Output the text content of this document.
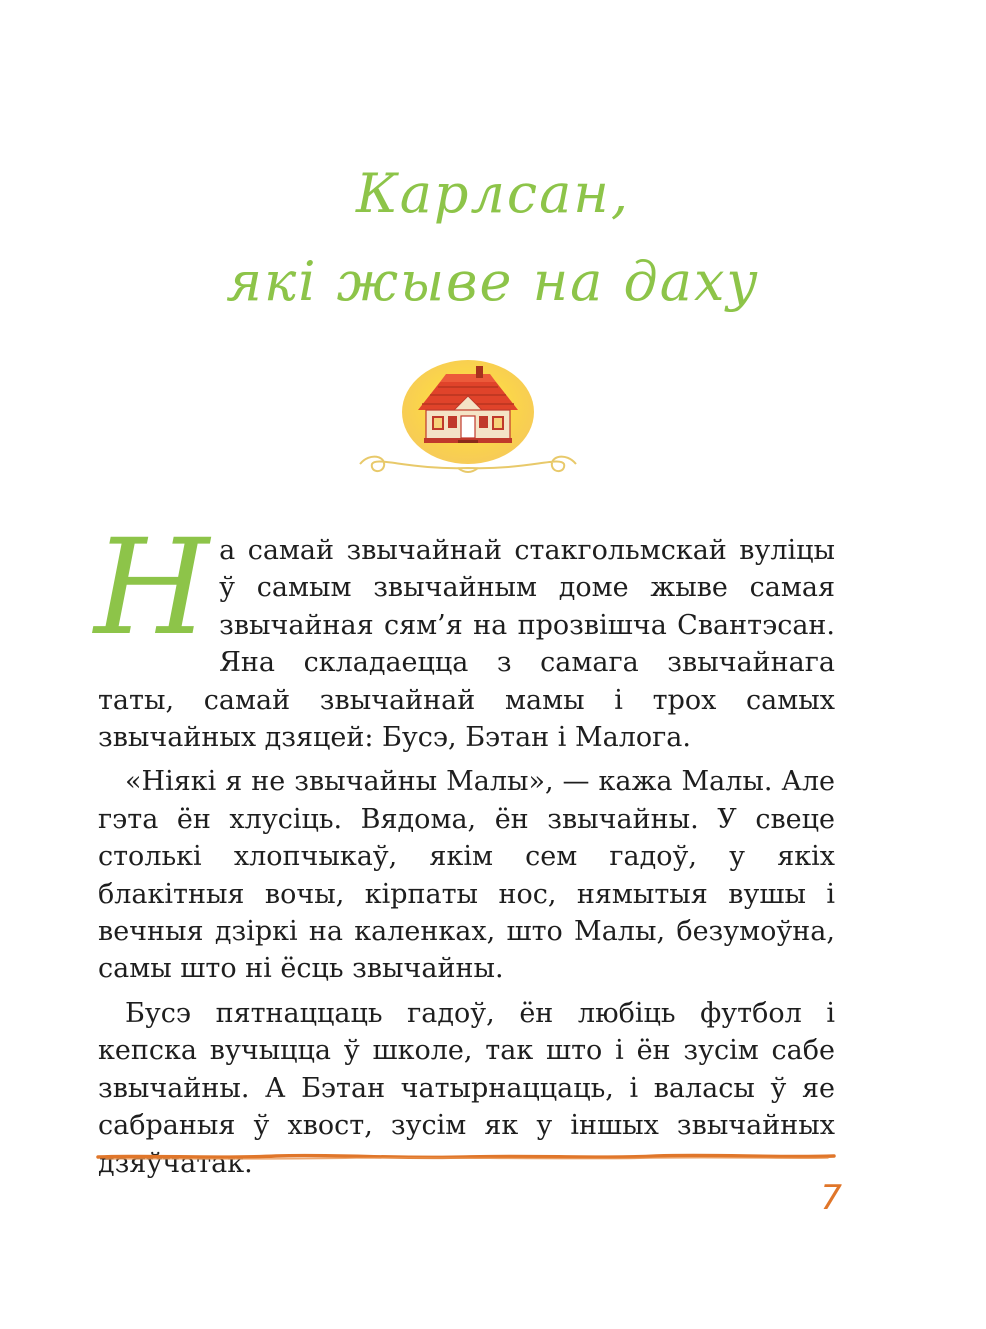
Карлсан,
які жыве на даху

На самай звычайнай стакгольмскай вуліцы ў самым звычайным доме жыве самая звычайная сям’я на прозвішча Свантэсан. Яна складаецца з самага звычайнага таты, самай звычайнай мамы і трох самых звычайных дзяцей: Бусэ, Бэтан і Малога.

«Ніякі я не звычайны Малы», — кажа Малы. Але гэта ён хлусіць. Вядома, ён звычайны. У свеце столькі хлопчыкаў, якім сем гадоў, у якіх блакітныя вочы, кірпаты нос, нямытыя вушы і вечныя дзіркі на каленках, што Малы, безумоўна, самы што ні ёсць звычайны.

Бусэ пятнаццаць гадоў, ён любіць футбол і кепска вучыцца ў школе, так што і ён зусім сабе звычайны. А Бэтан чатырнаццаць, і валасы ў яе сабраныя ў хвост, зусім як у іншых звычайных дзяўчатак.

7
